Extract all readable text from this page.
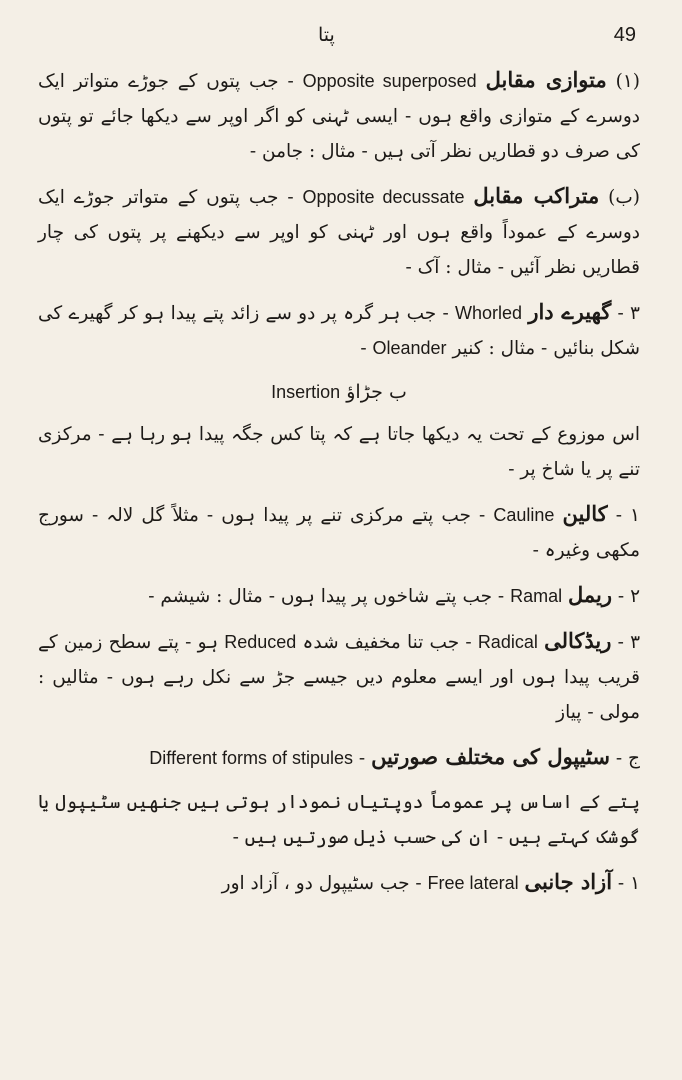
پتا	49

(۱) متوازی مقابل Opposite superposed - جب پتوں کے جوڑے متواتر ایک دوسرے کے متوازی واقع ہوں - ایسی ٹہنی کو اگر اوپر سے دیکھا جائے تو پتوں کی صرف دو قطاریں نظر آتی ہیں - مثال : جامن -

(ب) متراکب مقابل Opposite decussate - جب پتوں کے متواتر جوڑے ایک دوسرے کے عموداً واقع ہوں اور ٹہنی کو اوپر سے دیکھنے پر پتوں کی چار قطاریں نظر آئیں - مثال : آک -

۳ - گھیرے دار Whorled - جب ہر گرہ پر دو سے زائد پتے پیدا ہو کر گھیرے کی شکل بنائیں - مثال : کنیر Oleander -

ب جڑاؤ Insertion

اس موزوع کے تحت یہ دیکھا جاتا ہے کہ پتا کس جگہ پیدا ہو رہا ہے - مرکزی تنے پر یا شاخ پر -

۱ - کالین Cauline - جب پتے مرکزی تنے پر پیدا ہوں - مثلاً گل لالہ - سورج مکھی وغیرہ -

۲ - ریمل Ramal - جب پتے شاخوں پر پیدا ہوں - مثال : شیشم -

۳ - ریڈکالی Radical - جب تنا مخفیف شدہ Reduced ہو - پتے سطح زمین کے قریب پیدا ہوں اور ایسے معلوم دیں جیسے جڑ سے نکل رہے ہوں - مثالیں : مولی - پیاز

ج - سٹیپول کی مختلف صورتیں - Different forms of stipules

پتے کے اساس پر عموماً دوپتیاں نمودار ہوتی ہیں جنھیں سٹیپول یا گوشک کہتے ہیں - ان کی حسب ذیل صورتیں ہیں -

۱ - آزاد جانبی Free lateral - جب سٹیپول دو ، آزاد اور
